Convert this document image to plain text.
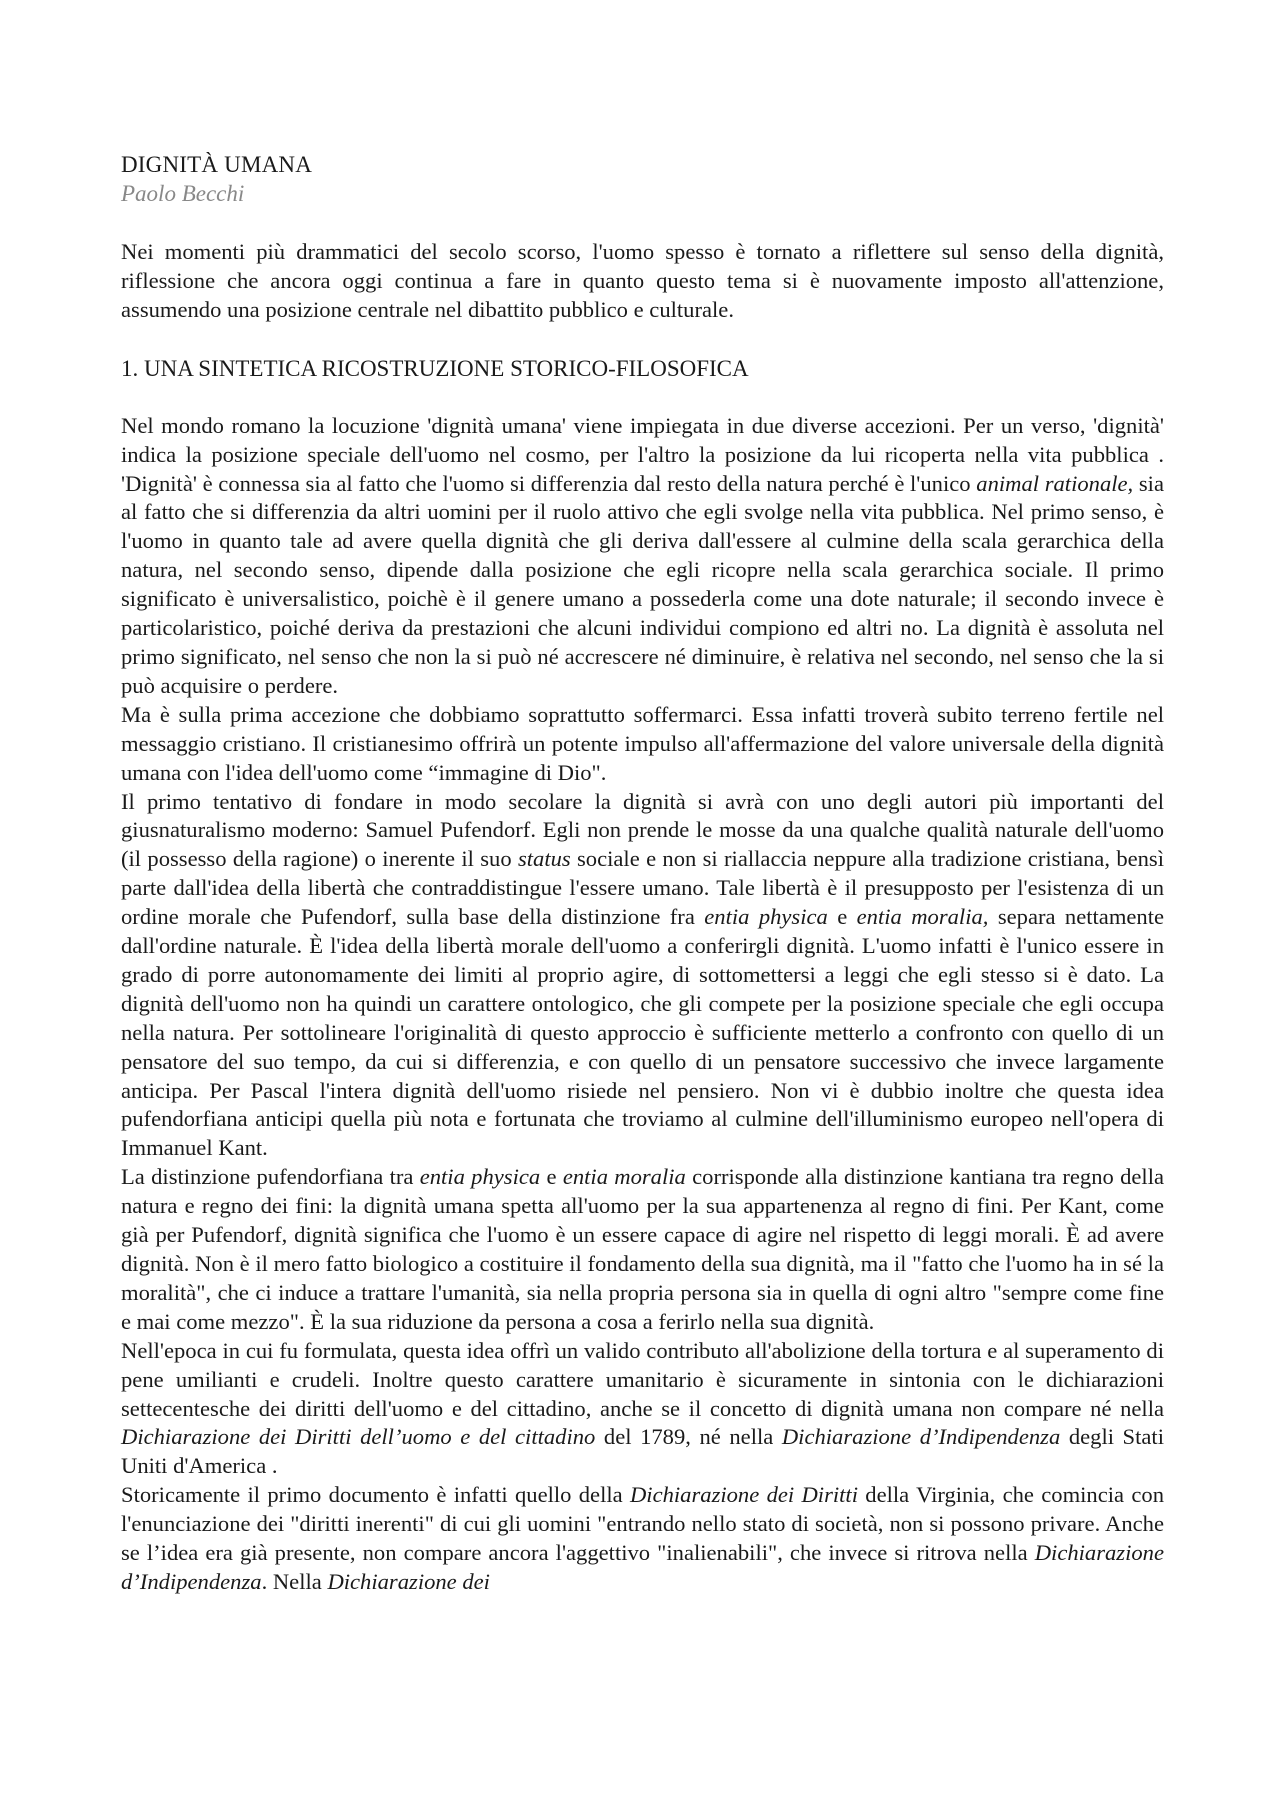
DIGNITÀ UMANA
Paolo Becchi

Nei momenti più drammatici del secolo scorso, l'uomo spesso è tornato a riflettere sul senso della dignità, riflessione che ancora oggi continua a fare in quanto questo tema si è nuovamente imposto all'attenzione, assumendo una posizione centrale nel dibattito pubblico e culturale.

1. UNA SINTETICA RICOSTRUZIONE STORICO-FILOSOFICA

Nel mondo romano la locuzione 'dignità umana' viene impiegata in due diverse accezioni. Per un verso, 'dignità' indica la posizione speciale dell'uomo nel cosmo, per l'altro la posizione da lui ricoperta nella vita pubblica . 'Dignità' è connessa sia al fatto che l'uomo si differenzia dal resto della natura perché è l'unico animal rationale, sia al fatto che si differenzia da altri uomini per il ruolo attivo che egli svolge nella vita pubblica. Nel primo senso, è l'uomo in quanto tale ad avere quella dignità che gli deriva dall'essere al culmine della scala gerarchica della natura, nel secondo senso, dipende dalla posizione che egli ricopre nella scala gerarchica sociale. Il primo significato è universalistico, poichè è il genere umano a possederla come una dote naturale; il secondo invece è particolaristico, poiché deriva da prestazioni che alcuni individui compiono ed altri no. La dignità è assoluta nel primo significato, nel senso che non la si può né accrescere né diminuire, è relativa nel secondo, nel senso che la si può acquisire o perdere.

Ma è sulla prima accezione che dobbiamo soprattutto soffermarci. Essa infatti troverà subito terreno fertile nel messaggio cristiano. Il cristianesimo offrirà un potente impulso all'affermazione del valore universale della dignità umana con l'idea dell'uomo come “immagine di Dio".

Il primo tentativo di fondare in modo secolare la dignità si avrà con uno degli autori più importanti del giusnaturalismo moderno: Samuel Pufendorf. Egli non prende le mosse da una qualche qualità naturale dell'uomo (il possesso della ragione) o inerente il suo status sociale e non si riallaccia neppure alla tradizione cristiana, bensì parte dall'idea della libertà che contraddistingue l'essere umano. Tale libertà è il presupposto per l'esistenza di un ordine morale che Pufendorf, sulla base della distinzione fra entia physica e entia moralia, separa nettamente dall'ordine naturale. È l'idea della libertà morale dell'uomo a conferirgli dignità. L'uomo infatti è l'unico essere in grado di porre autonomamente dei limiti al proprio agire, di sottomettersi a leggi che egli stesso si è dato. La dignità dell'uomo non ha quindi un carattere ontologico, che gli compete per la posizione speciale che egli occupa nella natura. Per sottolineare l'originalità di questo approccio è sufficiente metterlo a confronto con quello di un pensatore del suo tempo, da cui si differenzia, e con quello di un pensatore successivo che invece largamente anticipa. Per Pascal l'intera dignità dell'uomo risiede nel pensiero. Non vi è dubbio inoltre che questa idea pufendorfiana anticipi quella più nota e fortunata che troviamo al culmine dell'illuminismo europeo nell'opera di Immanuel Kant.

La distinzione pufendorfiana tra entia physica e entia moralia corrisponde alla distinzione kantiana tra regno della natura e regno dei fini: la dignità umana spetta all'uomo per la sua appartenenza al regno di fini. Per Kant, come già per Pufendorf, dignità significa che l'uomo è un essere capace di agire nel rispetto di leggi morali. È ad avere dignità. Non è il mero fatto biologico a costituire il fondamento della sua dignità, ma il "fatto che l'uomo ha in sé la moralità", che ci induce a trattare l'umanità, sia nella propria persona sia in quella di ogni altro "sempre come fine e mai come mezzo". È la sua riduzione da persona a cosa a ferirlo nella sua dignità.

Nell'epoca in cui fu formulata, questa idea offrì un valido contributo all'abolizione della tortura e al superamento di pene umilianti e crudeli. Inoltre questo carattere umanitario è sicuramente in sintonia con le dichiarazioni settecentesche dei diritti dell'uomo e del cittadino, anche se il concetto di dignità umana non compare né nella Dichiarazione dei Diritti dell’uomo e del cittadino del 1789, né nella Dichiarazione d’Indipendenza degli Stati Uniti d'America .

Storicamente il primo documento è infatti quello della Dichiarazione dei Diritti della Virginia, che comincia con l'enunciazione dei "diritti inerenti" di cui gli uomini "entrando nello stato di società, non si possono privare. Anche se l’idea era già presente, non compare ancora l'aggettivo "inalienabili", che invece si ritrova nella Dichiarazione d’Indipendenza. Nella Dichiarazione dei
